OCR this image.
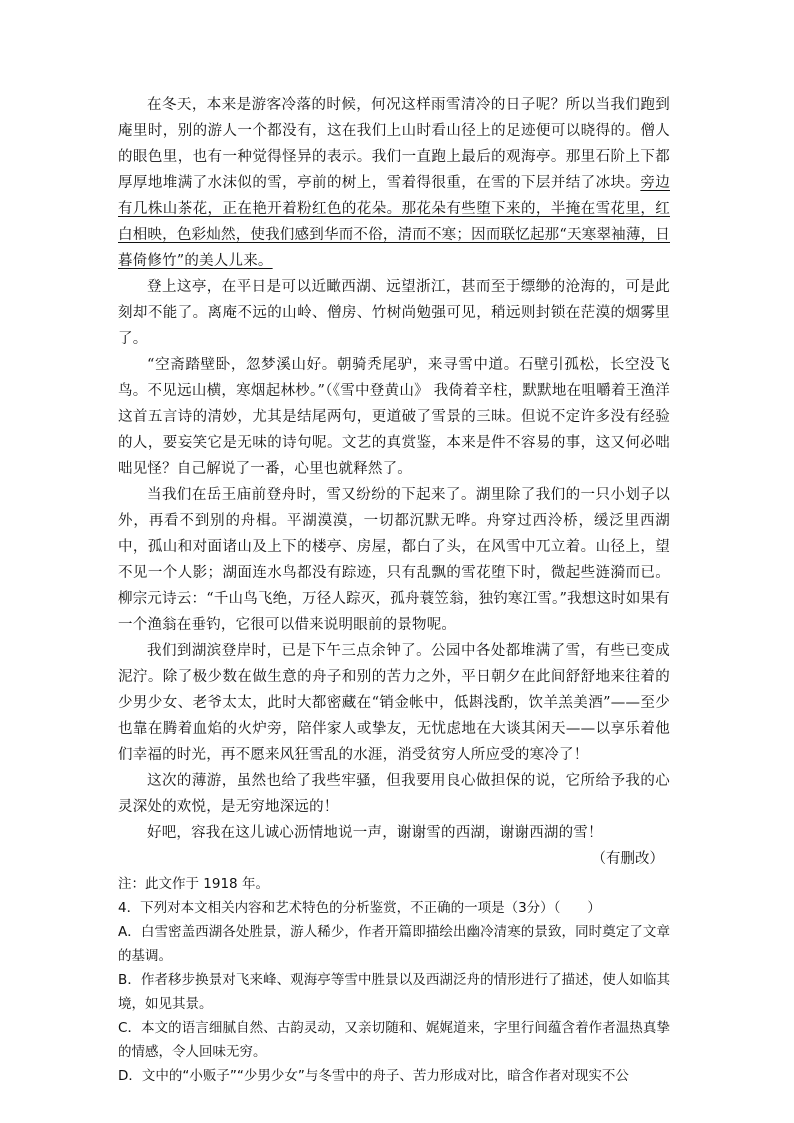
在冬天，本来是游客冷落的时候，何况这样雨雪清冷的日子呢？所以当我们跑到庵里时，别的游人一个都没有，这在我们上山时看山径上的足迹便可以晓得的。僧人的眼色里，也有一种觉得怪异的表示。我们一直跑上最后的观海亭。那里石阶上下都厚厚地堆满了水沫似的雪，亭前的树上，雪着得很重，在雪的下层并结了冰块。旁边有几株山茶花，正在艳开着粉红色的花朵。那花朵有些堕下来的，半掩在雪花里，红白相映，色彩灿然，使我们感到华而不俗，清而不寒；因而联忆起那“天寒翠袖薄，日暮倚修竹”的美人儿来。

登上这亭，在平日是可以近瞰西湖、远望浙江，甚而至于缥缈的沧海的，可是此刻却不能了。离庵不远的山岭、僧房、竹树尚勉强可见，稍远则封锁在茫漠的烟雾里了。

“空斋踏壁卧，忽梦溪山好。朝骑秃尾驴，来寻雪中道。石壁引孤松，长空没飞鸟。不见远山横，寒烟起林杪。”（《雪中登黄山》 我倚着辛柱，默默地在咀嚼着王渔洋这首五言诗的清妙，尤其是结尾两句，更道破了雪景的三昧。但说不定许多没有经验的人，要妄笑它是无味的诗句呢。文艺的真赏鉴，本来是件不容易的事，这又何必咄咄见怪？自己解说了一番，心里也就释然了。

当我们在岳王庙前登舟时，雪又纷纷的下起来了。湖里除了我们的一只小划子以外，再看不到别的舟楫。平湖漠漠，一切都沉默无哗。舟穿过西泠桥，缓泛里西湖中，孤山和对面诸山及上下的楼亭、房屋，都白了头，在风雪中兀立着。山径上，望不见一个人影；湖面连水鸟都没有踪迹，只有乱飘的雪花堕下时，微起些涟漪而已。柳宗元诗云：“千山鸟飞绝，万径人踪灭，孤舟蓑笠翁，独钓寒江雪。”我想这时如果有一个渔翁在垂钓，它很可以借来说明眼前的景物呢。

我们到湖滨登岸时，已是下午三点余钟了。公园中各处都堆满了雪，有些已变成泥泞。除了极少数在做生意的舟子和别的苦力之外，平日朝夕在此间舒舒地来往着的少男少女、老爷太太，此时大都密藏在“销金帐中，低斟浅酌，饮羊羔美酒”——至少也靠在腾着血焰的火炉旁，陪伴家人或挚友，无忧虑地在大谈其闲天——以享乐着他们幸福的时光，再不愿来风狂雪乱的水涯，消受贫穷人所应受的寒冷了！

这次的薄游，虽然也给了我些牢骚，但我要用良心做担保的说，它所给予我的心灵深处的欢悦，是无穷地深远的！

好吧，容我在这儿诚心沥情地说一声，谢谢雪的西湖，谢谢西湖的雪！

（有删改）

注：此文作于 1918 年。

4．下列对本文相关内容和艺术特色的分析鉴赏，不正确的一项是（3分）（　　）

A．白雪密盖西湖各处胜景，游人稀少，作者开篇即描绘出幽冷清寒的景致，同时奠定了文章的基调。

B．作者移步换景对飞来峰、观海亭等雪中胜景以及西湖泛舟的情形进行了描述，使人如临其境，如见其景。

C．本文的语言细腻自然、古韵灵动，又亲切随和、娓娓道来，字里行间蕴含着作者温热真挚的情感，令人回味无穷。

D．文中的“小贩子”“少男少女”与冬雪中的舟子、苦力形成对比，暗含作者对现实不公
